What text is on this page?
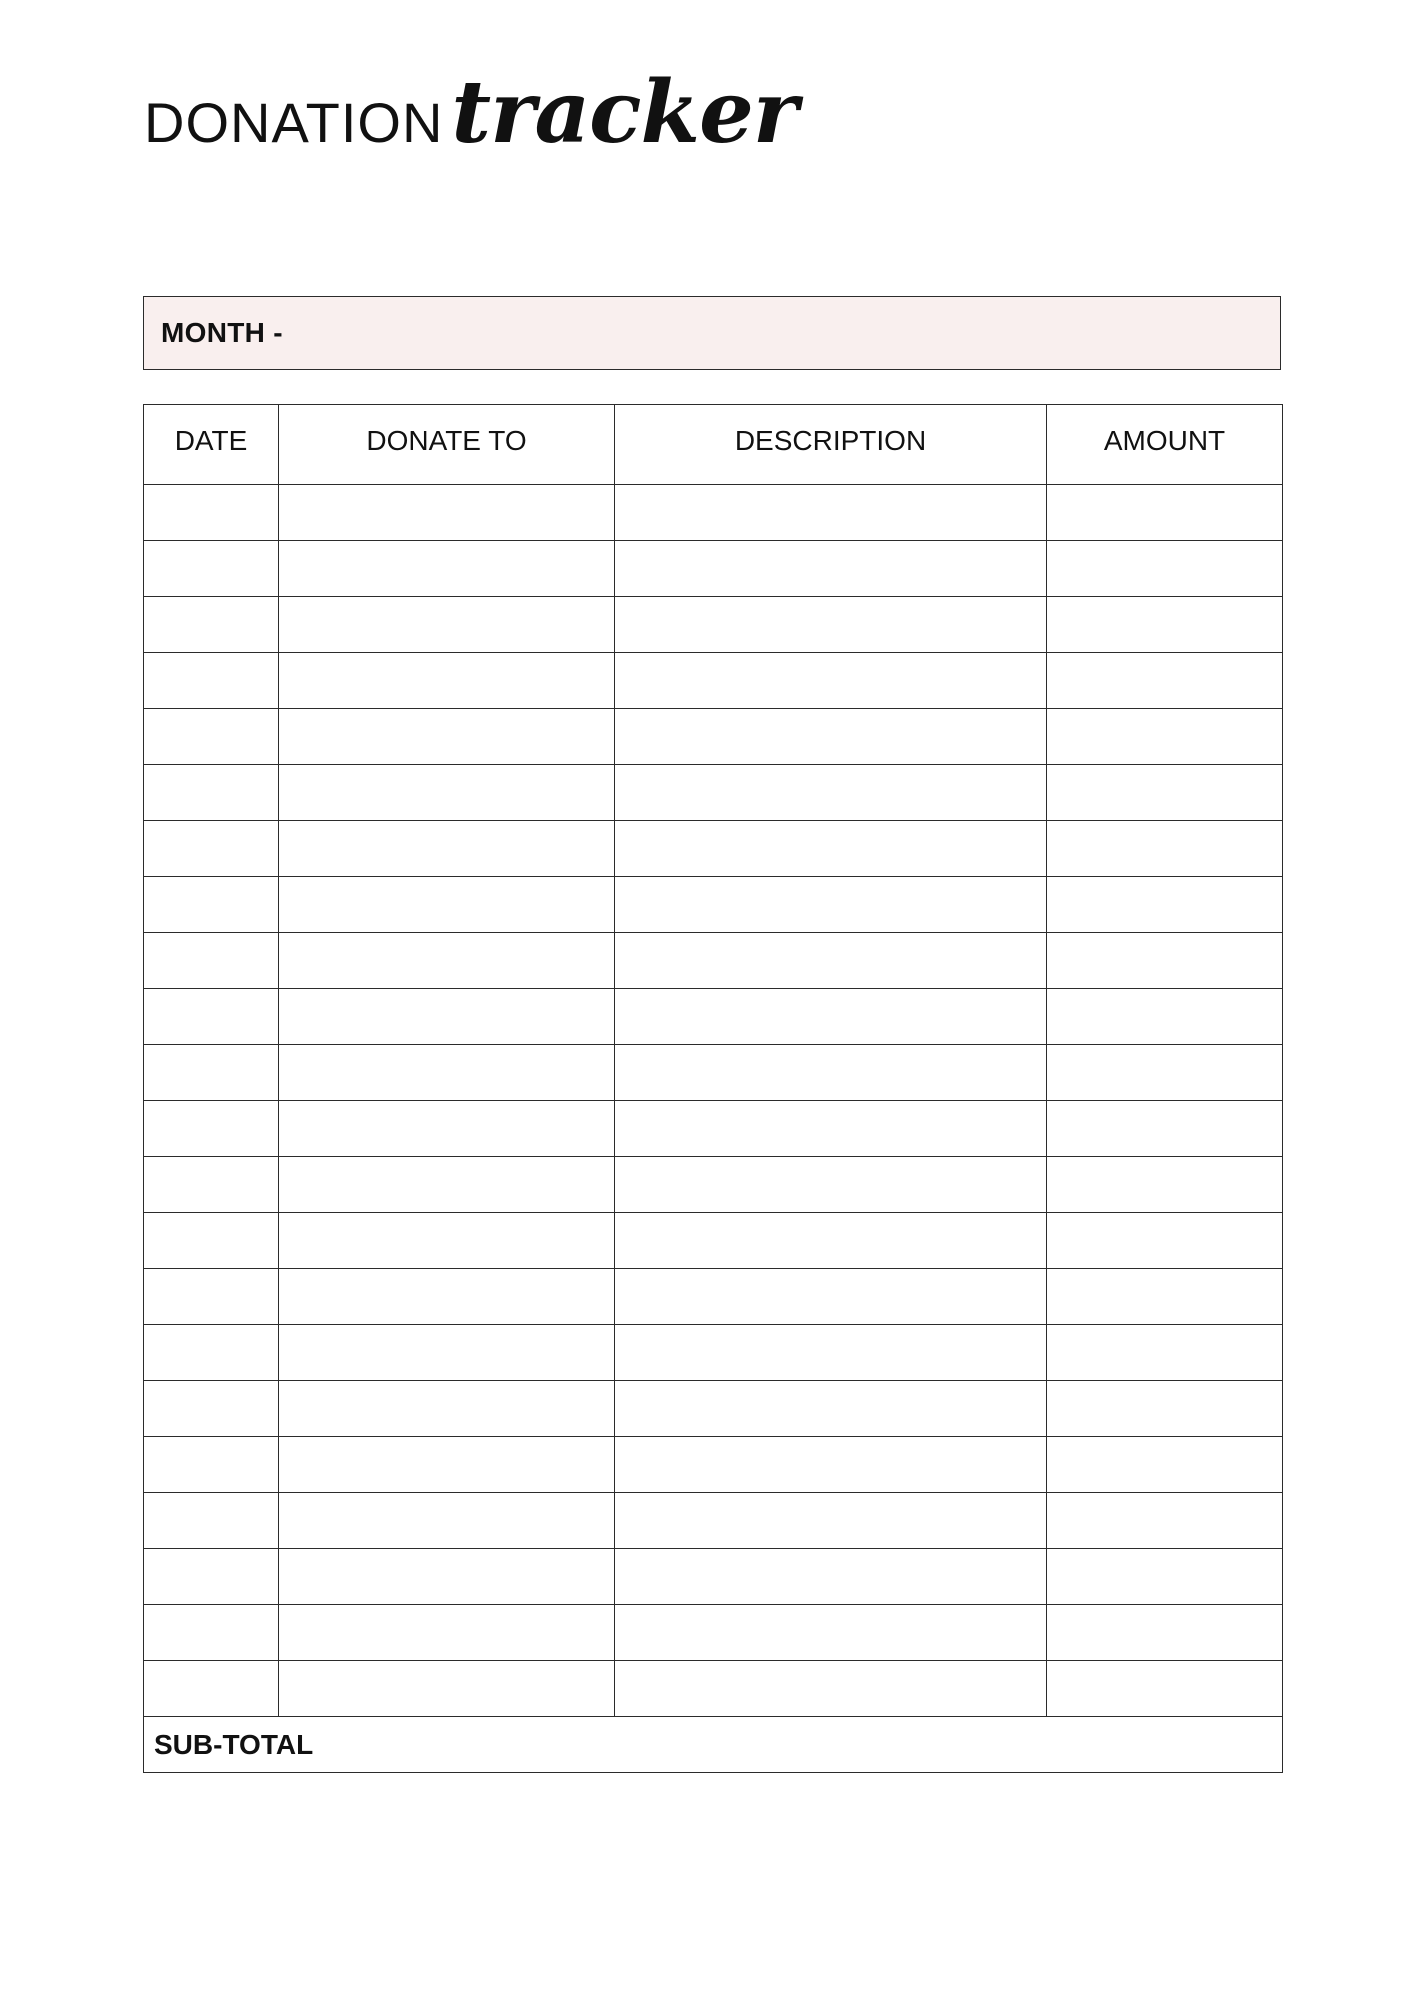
DONATION tracker
MONTH -
DATE	DONATE TO	DESCRIPTION	AMOUNT

SUB-TOTAL			
